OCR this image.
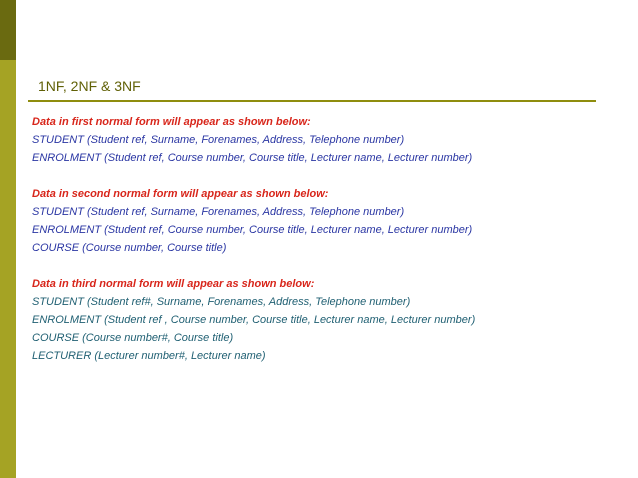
1NF, 2NF & 3NF
Data in first normal form will appear as shown below:
STUDENT (Student ref, Surname, Forenames, Address, Telephone number)
ENROLMENT (Student ref, Course number, Course title, Lecturer name, Lecturer number)
Data in second normal form will appear as shown below:
STUDENT (Student ref, Surname, Forenames, Address, Telephone number)
ENROLMENT (Student ref, Course number, Course title, Lecturer name, Lecturer number)
COURSE (Course number, Course title)
Data in third normal form will appear as shown below:
STUDENT (Student ref#, Surname, Forenames, Address, Telephone number)
ENROLMENT (Student ref , Course number, Course title, Lecturer name, Lecturer number)
COURSE (Course number#, Course title)
LECTURER (Lecturer number#, Lecturer name)
